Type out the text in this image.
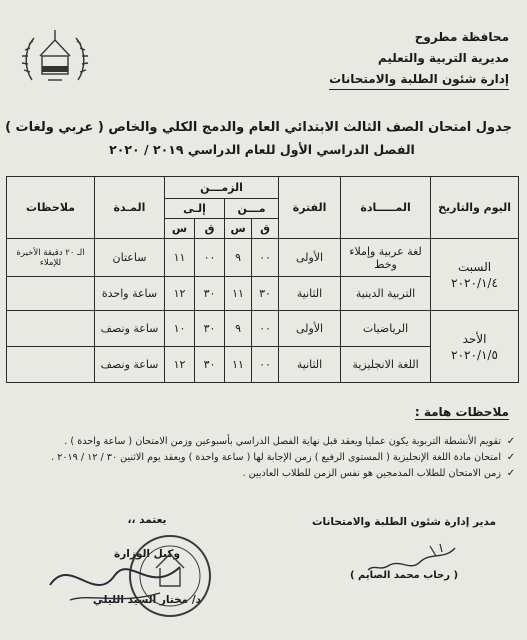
محافظة مطروح
مديرية التربية والتعليم
إدارة شئون الطلبة والامتحانات
جدول امتحان الصف الثالث الابتدائي العام والدمج الكلي والخاص ( عربي ولغات )
الفصل الدراسي الأول للعام الدراسي ٢٠١٩ / ٢٠٢٠
اليوم والتاريخ	المـــــادة	الفترة	الزمـــن				المـدة	ملاحظات
			مـــن		إلـى			
			ق	س	ق	س		

السبت
٢٠٢٠/١/٤	لغة عربية وإملاء وخط	الأولى	٠٠	٩	٠٠	١١	ساعتان	الـ ٢٠ دقيقة الأخيرة للإملاء
	التربية الدينية	الثانية	٣٠	١١	٣٠	١٢	ساعة واحدة	

الأحد
٢٠٢٠/١/٥	الرياضيات	الأولى	٠٠	٩	٣٠	١٠	ساعة ونصف	
	اللغة الانجليزية	الثانية	٠٠	١١	٣٠	١٢	ساعة ونصف	
ملاحظات هامة :
✓
تقويم الأنشطة التربوية يكون عمليا ويعقد قبل نهاية الفصل الدراسي بأسبوعين وزمن الامتحان ( ساعة واحدة ) .
✓
امتحان مادة اللغة الإنجليزية ( المستوى الرفيع ) زمن الإجابة لها ( ساعة واحدة ) ويعقد يوم الاثنين ٣٠ / ١٢ / ٢٠١٩ .
✓
زمن الامتحان للطلاب المدمجين هو نفس الزمن للطلاب العاديين .
مدير إدارة شئون الطلبة والامتحانات
( رحاب محمد الصايم )
يعتمد ،،
وكيل الوزارة
د/ مختار السيد الليلي
